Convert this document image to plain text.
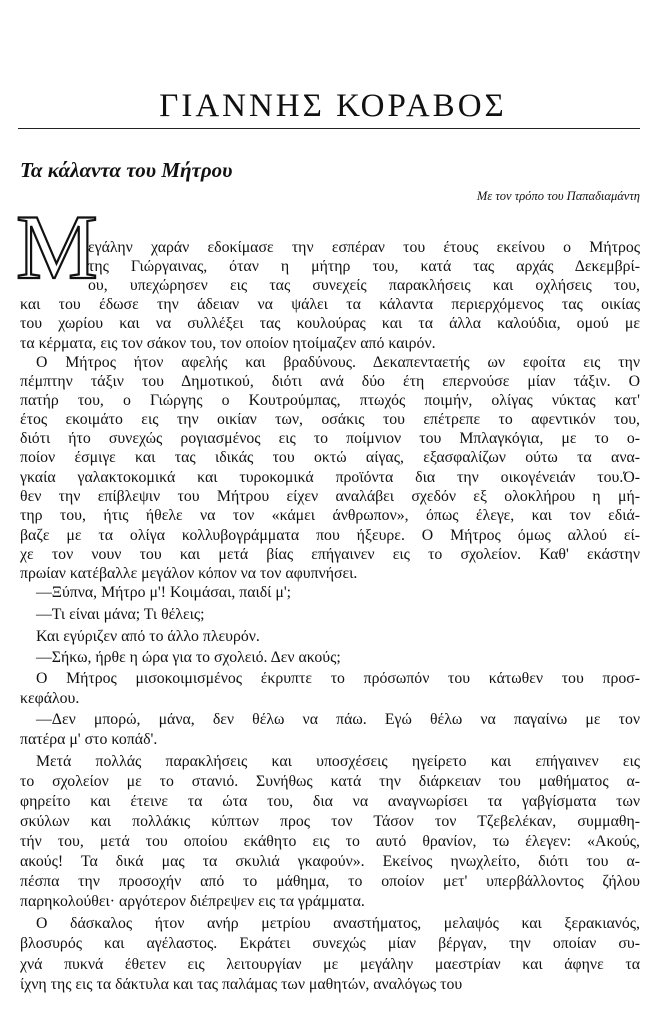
ΓΙΑΝΝΗΣ ΚΟΡΑΒΟΣ
Τα κάλαντα του Μήτρου
Με τον τρόπο του Παπαδιαμάντη
Μ
εγάλην χαράν εδοκίμασε την εσπέραν του έτους εκείνου ο Μήτρος
της Γιώργαινας, όταν η μήτηρ του, κατά τας αρχάς Δεκεμβρί-
ου, υπεχώρησεν εις τας συνεχείς παρακλήσεις και οχλήσεις του,
και του έδωσε την άδειαν να ψάλει τα κάλαντα περιερχόμενος τας οικίας
του χωρίου και να συλλέξει τας κουλούρας και τα άλλα καλούδια, ομού με
τα κέρματα, εις τον σάκον του, τον οποίον ητοίμαζεν από καιρόν.
Ο Μήτρος ήτον αφελής και βραδύνους. Δεκαπενταετής ων εφοίτα εις την
πέμπτην τάξιν του Δημοτικού, διότι ανά δύο έτη επερνούσε μίαν τάξιν. Ο
πατήρ του, ο Γιώργης ο Κουτρούμπας, πτωχός ποιμήν, ολίγας νύκτας κατ'
έτος εκοιμάτο εις την οικίαν των, οσάκις του επέτρεπε το αφεντικόν του,
διότι ήτο συνεχώς ρογιασμένος εις το ποίμνιον του Μπλαγκόγια, με το ο-
ποίον έσμιγε και τας ιδικάς του οκτώ αίγας, εξασφαλίζων ούτω τα ανα-
γκαία γαλακτοκομικά και τυροκομικά προϊόντα δια την οικογένειάν του.Ό-
θεν την επίβλεψιν του Μήτρου είχεν αναλάβει σχεδόν εξ ολοκλήρου η μή-
τηρ του, ήτις ήθελε να τον «κάμει άνθρωπον», όπως έλεγε, και τον εδιά-
βαζε με τα ολίγα κολλυβογράμματα που ήξευρε. Ο Μήτρος όμως αλλού εί-
χε τον νουν του και μετά βίας επήγαινεν εις το σχολείον. Καθ' εκάστην
πρωίαν κατέβαλλε μεγάλον κόπον να τον αφυπνήσει.
—Ξύπνα, Μήτρο μ'! Κοιμάσαι, παιδί μ';
—Τι είναι μάνα; Τι θέλεις;
Και εγύριζεν από το άλλο πλευρόν.
—Σήκω, ήρθε η ώρα για το σχολειό. Δεν ακούς;
Ο Μήτρος μισοκοιμισμένος έκρυπτε το πρόσωπόν του κάτωθεν του προσ-
κεφάλου.
—Δεν μπορώ, μάνα, δεν θέλω να πάω. Εγώ θέλω να παγαίνω με τον
πατέρα μ' στο κοπάδ'.
Μετά πολλάς παρακλήσεις και υποσχέσεις ηγείρετο και επήγαινεν εις
το σχολείον με το στανιό. Συνήθως κατά την διάρκειαν του μαθήματος α-
φηρείτο και έτεινε τα ώτα του, δια να αναγνωρίσει τα γαβγίσματα των
σκύλων και πολλάκις κύπτων προς τον Τάσον τον Τζεβελέκαν, συμμαθη-
τήν του, μετά του οποίου εκάθητο εις το αυτό θρανίον, τω έλεγεν: «Ακούς,
ακούς! Τα δικά μας τα σκυλιά γκαφούν». Εκείνος ηνωχλείτο, διότι του α-
πέσπα την προσοχήν από το μάθημα, το οποίον μετ' υπερβάλλοντος ζήλου
παρηκολούθει· αργότερον διέπρεψεν εις τα γράμματα.
Ο δάσκαλος ήτον ανήρ μετρίου αναστήματος, μελαψός και ξερακιανός,
βλοσυρός και αγέλαστος. Εκράτει συνεχώς μίαν βέργαν, την οποίαν συ-
χνά πυκνά έθετεν εις λειτουργίαν με μεγάλην μαεστρίαν και άφηνε τα
ίχνη της εις τα δάκτυλα και τας παλάμας των μαθητών, αναλόγως του
